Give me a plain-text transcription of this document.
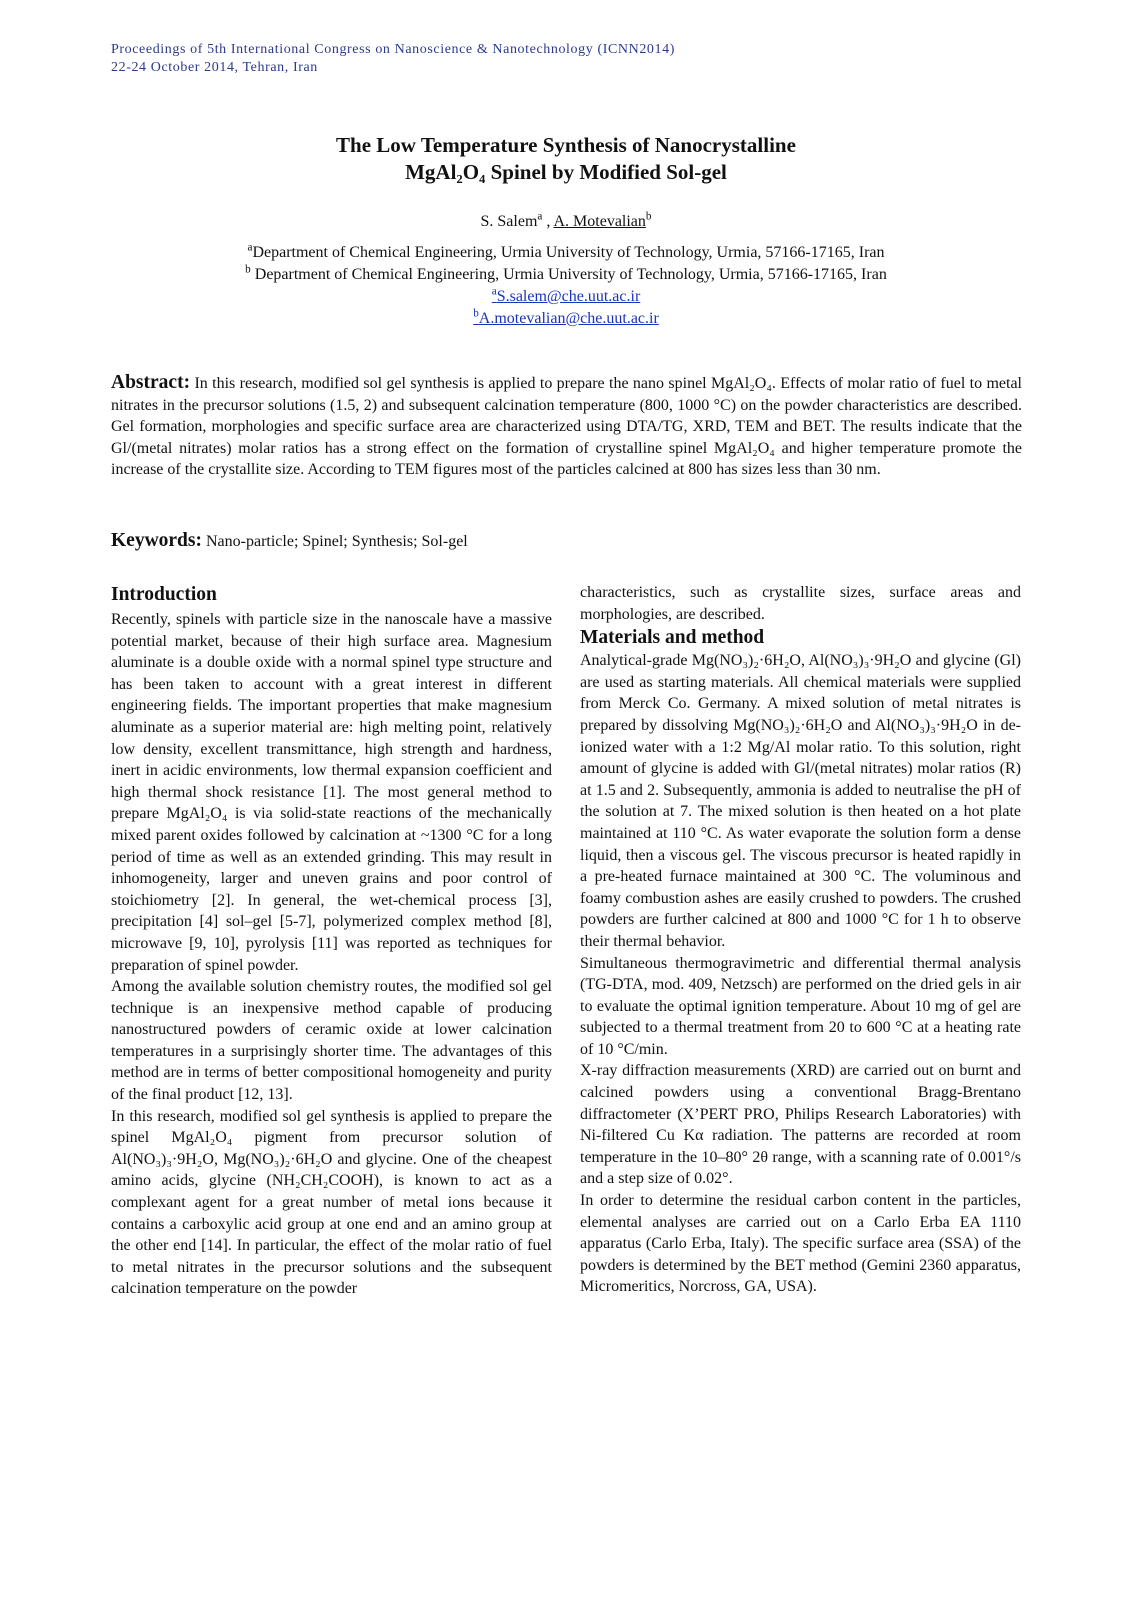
Proceedings of 5th International Congress on Nanoscience & Nanotechnology (ICNN2014)
22-24 October 2014, Tehran, Iran
The Low Temperature Synthesis of Nanocrystalline
MgAl₂O₄ Spinel by Modified Sol-gel
S. Salem$^a$ , A. Motevalian$^b$
$^a$Department of Chemical Engineering, Urmia University of Technology, Urmia, 57166-17165, Iran
$^b$ Department of Chemical Engineering, Urmia University of Technology, Urmia, 57166-17165, Iran
$^a$S.salem@che.uut.ac.ir
$^b$A.motevalian@che.uut.ac.ir
Abstract: In this research, modified sol gel synthesis is applied to prepare the nano spinel MgAl₂O₄. Effects of molar ratio of fuel to metal nitrates in the precursor solutions (1.5, 2) and subsequent calcination temperature (800, 1000 °C) on the powder characteristics are described. Gel formation, morphologies and specific surface area are characterized using DTA/TG, XRD, TEM and BET. The results indicate that the Gl/(metal nitrates) molar ratios has a strong effect on the formation of crystalline spinel MgAl₂O₄ and higher temperature promote the increase of the crystallite size. According to TEM figures most of the particles calcined at 800 has sizes less than 30 nm.
Keywords: Nano-particle; Spinel; Synthesis; Sol-gel
Introduction

Recently, spinels with particle size in the nanoscale have a massive potential market, because of their high surface area. Magnesium aluminate is a double oxide with a normal spinel type structure and has been taken to account with a great interest in different engineering fields. The important properties that make magnesium aluminate as a superior material are: high melting point, relatively low density, excellent transmittance, high strength and hardness, inert in acidic environments, low thermal expansion coefficient and high thermal shock resistance [1]. The most general method to prepare MgAl₂O₄ is via solid-state reactions of the mechanically mixed parent oxides followed by calcination at ~1300 °C for a long period of time as well as an extended grinding. This may result in inhomogeneity, larger and uneven grains and poor control of stoichiometry [2]. In general, the wet-chemical process [3], precipitation [4] sol–gel [5-7], polymerized complex method [8], microwave [9, 10], pyrolysis [11] was reported as techniques for preparation of spinel powder.

Among the available solution chemistry routes, the modified sol gel technique is an inexpensive method capable of producing nanostructured powders of ceramic oxide at lower calcination temperatures in a surprisingly shorter time. The advantages of this method are in terms of better compositional homogeneity and purity of the final product [12, 13].

In this research, modified sol gel synthesis is applied to prepare the spinel MgAl₂O₄ pigment from precursor solution of Al(NO₃)₃·9H₂O, Mg(NO₃)₂·6H₂O and glycine. One of the cheapest amino acids, glycine (NH₂CH₂COOH), is known to act as a complexant agent for a great number of metal ions because it contains a carboxylic acid group at one end and an amino group at the other end [14]. In particular, the effect of the molar ratio of fuel to metal nitrates in the precursor solutions and the subsequent calcination temperature on the powder

characteristics, such as crystallite sizes, surface areas and morphologies, are described.

Materials and method

Analytical-grade Mg(NO₃)₂·6H₂O, Al(NO₃)₃·9H₂O and glycine (Gl) are used as starting materials. All chemical materials were supplied from Merck Co. Germany. A mixed solution of metal nitrates is prepared by dissolving Mg(NO₃)₂·6H₂O and Al(NO₃)₃·9H₂O in de-ionized water with a 1:2 Mg/Al molar ratio. To this solution, right amount of glycine is added with Gl/(metal nitrates) molar ratios (R) at 1.5 and 2. Subsequently, ammonia is added to neutralise the pH of the solution at 7. The mixed solution is then heated on a hot plate maintained at 110 °C. As water evaporate the solution form a dense liquid, then a viscous gel. The viscous precursor is heated rapidly in a pre-heated furnace maintained at 300 °C. The voluminous and foamy combustion ashes are easily crushed to powders. The crushed powders are further calcined at 800 and 1000 °C for 1 h to observe their thermal behavior.

Simultaneous thermogravimetric and differential thermal analysis (TG-DTA, mod. 409, Netzsch) are performed on the dried gels in air to evaluate the optimal ignition temperature. About 10 mg of gel are subjected to a thermal treatment from 20 to 600 °C at a heating rate of 10 °C/min.

X-ray diffraction measurements (XRD) are carried out on burnt and calcined powders using a conventional Bragg-Brentano diffractometer (X’PERT PRO, Philips Research Laboratories) with Ni-filtered Cu Kα radiation. The patterns are recorded at room temperature in the 10–80° 2θ range, with a scanning rate of 0.001°/s and a step size of 0.02°.

In order to determine the residual carbon content in the particles, elemental analyses are carried out on a Carlo Erba EA 1110 apparatus (Carlo Erba, Italy). The specific surface area (SSA) of the powders is determined by the BET method (Gemini 2360 apparatus, Micromeritics, Norcross, GA, USA).
